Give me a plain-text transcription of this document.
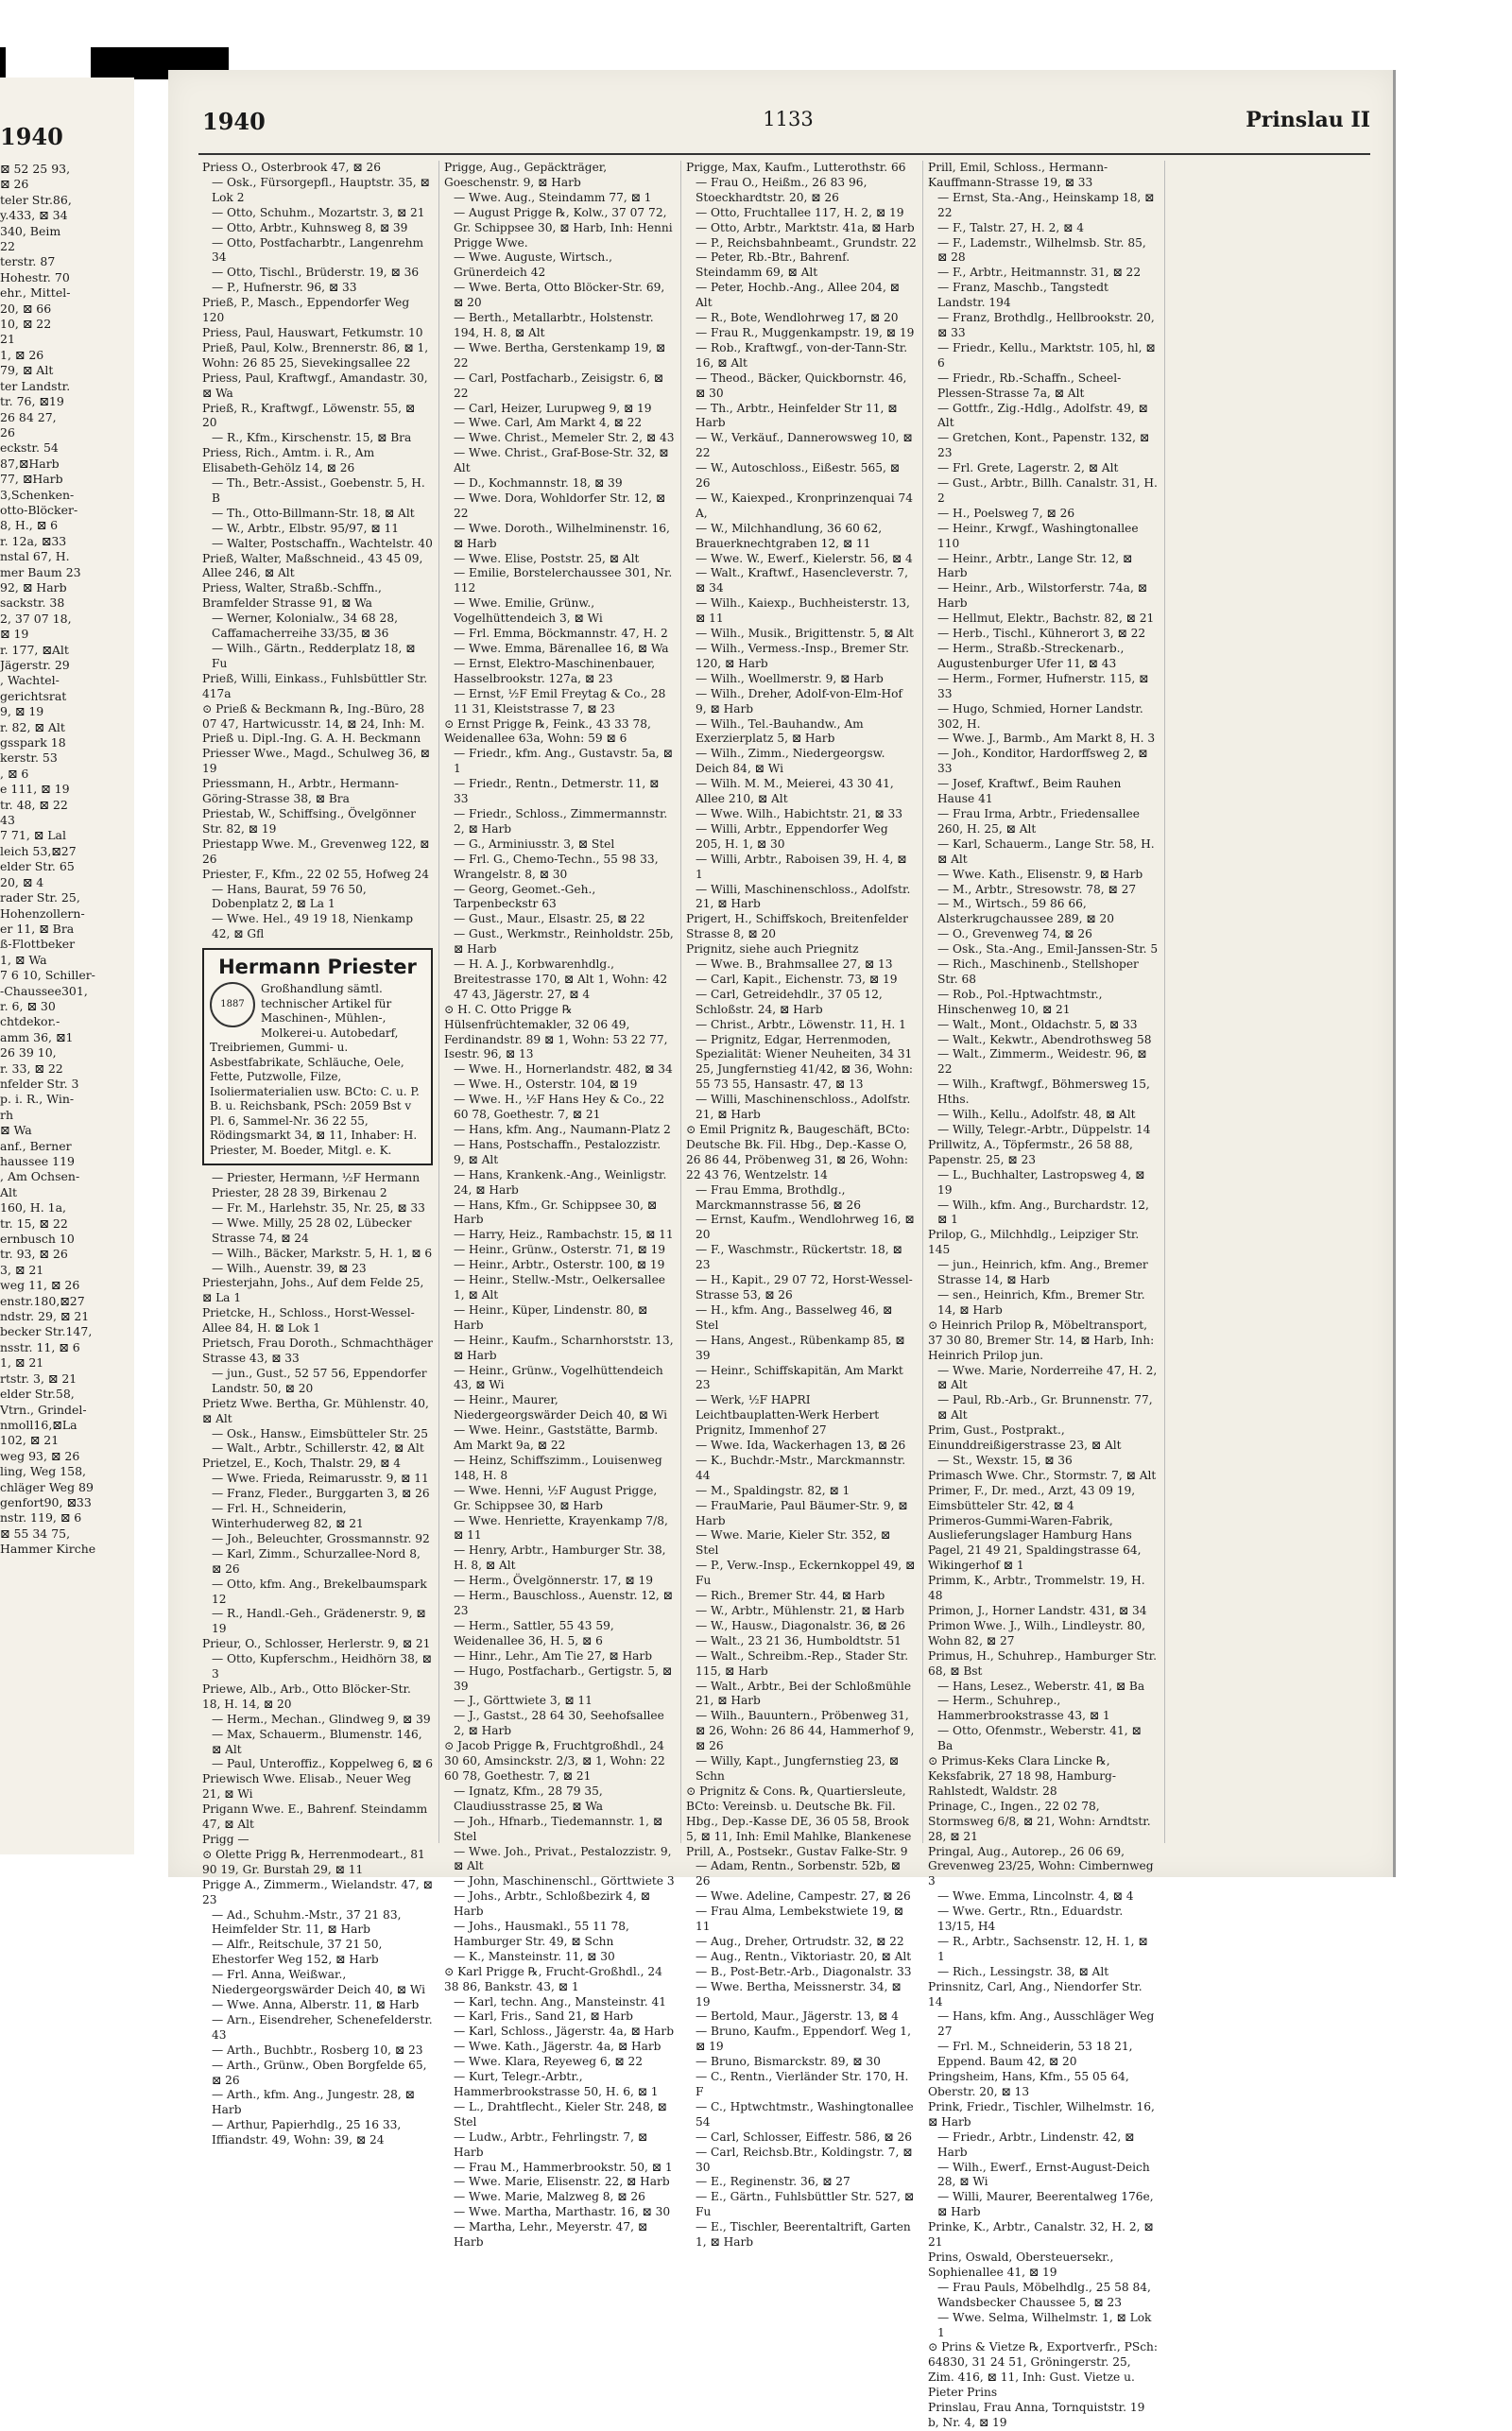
1940
⊠ 52 25 93,
⊠ 26
teler Str.86,
y.433, ⊠ 34
340, Beim
22
terstr. 87
Hohestr. 70
ehr., Mittel-
20, ⊠ 66
10, ⊠ 22
21
1, ⊠ 26
79, ⊠ Alt
ter Landstr.
tr. 76, ⊠19
26 84 27,
26
eckstr. 54
87,⊠Harb
77, ⊠Harb
3,Schenken-
otto-Blöcker-
8, H., ⊠ 6
r. 12a, ⊠33
nstal 67, H.
mer Baum 23
92, ⊠ Harb
sackstr. 38
2, 37 07 18,
⊠ 19
r. 177, ⊠Alt
Jägerstr. 29
, Wachtel-
gerichtsrat
9, ⊠ 19
r. 82, ⊠ Alt
gsspark 18
kerstr. 53
, ⊠ 6
e 111, ⊠ 19
tr. 48, ⊠ 22
43
7 71, ⊠ Lal
leich 53,⊠27
elder Str. 65
20, ⊠ 4
rader Str. 25,
Hohenzollern-
er 11, ⊠ Bra
ß-Flottbeker
1, ⊠ Wa
7 6 10, Schiller-
-Chaussee301,
r. 6, ⊠ 30
chtdekor.-
amm 36, ⊠1
26 39 10,
r. 33, ⊠ 22
nfelder Str. 3
p. i. R., Win-
rh
⊠ Wa
anf., Berner
haussee 119
, Am Ochsen-
Alt
160, H. 1a,
tr. 15, ⊠ 22
ernbusch 10
tr. 93, ⊠ 26
3, ⊠ 21
weg 11, ⊠ 26
enstr.180,⊠27
ndstr. 29, ⊠ 21
becker Str.147,
nsstr. 11, ⊠ 6
1, ⊠ 21
rtstr. 3, ⊠ 21
elder Str.58,
Vtrn., Grindel-
nmoll16,⊠La
102, ⊠ 21
weg 93, ⊠ 26
ling, Weg 158,
chläger Weg 89
genfort90, ⊠33
nstr. 119, ⊠ 6
⊠ 55 34 75,
Hammer Kirche
1940	1133	Prinslau II

Priess O., Osterbrook 47, ⊠ 26

— Osk., Fürsorgepfl., Hauptstr. 35, ⊠ Lok 2

— Otto, Schuhm., Mozartstr. 3, ⊠ 21

— Otto, Arbtr., Kuhnsweg 8, ⊠ 39

— Otto, Postfacharbtr., Langenrehm 34

— Otto, Tischl., Brüderstr. 19, ⊠ 36

— P., Hufnerstr. 96, ⊠ 33

Prieß, P., Masch., Eppendorfer Weg 120

Priess, Paul, Hauswart, Fetkumstr. 10

Prieß, Paul, Kolw., Brennerstr. 86, ⊠ 1, Wohn: 26 85 25, Sievekingsallee 22

Priess, Paul, Kraftwgf., Amandastr. 30, ⊠ Wa

Prieß, R., Kraftwgf., Löwenstr. 55, ⊠ 20

— R., Kfm., Kirschenstr. 15, ⊠ Bra

Priess, Rich., Amtm. i. R., Am Elisabeth-Gehölz 14, ⊠ 26

— Th., Betr.-Assist., Goebenstr. 5, H. B

— Th., Otto-Billmann-Str. 18, ⊠ Alt

— W., Arbtr., Elbstr. 95/97, ⊠ 11

— Walter, Postschaffn., Wachtelstr. 40

Prieß, Walter, Maßschneid., 43 45 09, Allee 246, ⊠ Alt

Priess, Walter, Straßb.-Schffn., Bramfelder Strasse 91, ⊠ Wa

— Werner, Kolonialw., 34 68 28, Caffamacherreihe 33/35, ⊠ 36

— Wilh., Gärtn., Redderplatz 18, ⊠ Fu

Prieß, Willi, Einkass., Fuhlsbüttler Str. 417a

⊙ Prieß & Beckmann ℞, Ing.-Büro, 28 07 47, Hartwicusstr. 14, ⊠ 24, Inh: M. Prieß u. Dipl.-Ing. G. A. H. Beckmann

Priesser Wwe., Magd., Schulweg 36, ⊠ 19

Priessmann, H., Arbtr., Hermann-Göring-Strasse 38, ⊠ Bra

Priestab, W., Schiffsing., Övelgönner Str. 82, ⊠ 19

Priestapp Wwe. M., Grevenweg 122, ⊠ 26

Priester, F., Kfm., 22 02 55, Hofweg 24

— Hans, Baurat, 59 76 50, Dobenplatz 2, ⊠ La 1

— Wwe. Hel., 49 19 18, Nienkamp 42, ⊠ Gfl

Hermann Priester
1887
Großhandlung sämtl. technischer Artikel für Maschinen-, Mühlen-, Molkerei-u. Autobedarf, Treibriemen, Gummi- u. Asbestfabrikate, Schläuche, Oele, Fette, Putzwolle, Filze, Isoliermaterialien usw. BCto: C. u. P. B. u. Reichsbank, PSch: 2059 Bst v Pl. 6, Sammel-Nr. 36 22 55, Rödingsmarkt 34, ⊠ 11, Inhaber: H. Priester, M. Boeder, Mitgl. e. K.

— Priester, Hermann, ½F Hermann Priester, 28 28 39, Birkenau 2

— Fr. M., Harlehstr. 35, Nr. 25, ⊠ 33

— Wwe. Milly, 25 28 02, Lübecker Strasse 74, ⊠ 24

— Wilh., Bäcker, Markstr. 5, H. 1, ⊠ 6

— Wilh., Auenstr. 39, ⊠ 23

Priesterjahn, Johs., Auf dem Felde 25, ⊠ La 1

Prietcke, H., Schloss., Horst-Wessel-Allee 84, H. ⊠ Lok 1

Prietsch, Frau Doroth., Schmachthäger Strasse 43, ⊠ 33

— jun., Gust., 52 57 56, Eppendorfer Landstr. 50, ⊠ 20

Prietz Wwe. Bertha, Gr. Mühlenstr. 40, ⊠ Alt

— Osk., Hansw., Eimsbütteler Str. 25

— Walt., Arbtr., Schillerstr. 42, ⊠ Alt

Prietzel, E., Koch, Thalstr. 29, ⊠ 4

— Wwe. Frieda, Reimarusstr. 9, ⊠ 11

— Franz, Fleder., Burggarten 3, ⊠ 26

— Frl. H., Schneiderin, Winterhuderweg 82, ⊠ 21

— Joh., Beleuchter, Grossmannstr. 92

— Karl, Zimm., Schurzallee-Nord 8, ⊠ 26

— Otto, kfm. Ang., Brekelbaumspark 12

— R., Handl.-Geh., Grädenerstr. 9, ⊠ 19

Prieur, O., Schlosser, Herlerstr. 9, ⊠ 21

— Otto, Kupferschm., Heidhörn 38, ⊠ 3

Priewe, Alb., Arb., Otto Blöcker-Str. 18, H. 14, ⊠ 20

— Herm., Mechan., Glindweg 9, ⊠ 39

— Max, Schauerm., Blumenstr. 146, ⊠ Alt

— Paul, Unteroffiz., Koppelweg 6, ⊠ 6

Priewisch Wwe. Elisab., Neuer Weg 21, ⊠ Wi

Prigann Wwe. E., Bahrenf. Steindamm 47, ⊠ Alt

Prigg —

⊙ Olette Prigg ℞, Herrenmodeart., 81 90 19, Gr. Burstah 29, ⊠ 11

Prigge A., Zimmerm., Wielandstr. 47, ⊠ 23

— Ad., Schuhm.-Mstr., 37 21 83, Heimfelder Str. 11, ⊠ Harb

— Alfr., Reitschule, 37 21 50, Ehestorfer Weg 152, ⊠ Harb

— Frl. Anna, Weißwar., Niedergeorgswärder Deich 40, ⊠ Wi

— Wwe. Anna, Alberstr. 11, ⊠ Harb

— Arn., Eisendreher, Schenefelderstr. 43

— Arth., Buchbtr., Rosberg 10, ⊠ 23

— Arth., Grünw., Oben Borgfelde 65, ⊠ 26

— Arth., kfm. Ang., Jungestr. 28, ⊠ Harb

— Arthur, Papierhdlg., 25 16 33, Iffiandstr. 49, Wohn: 39, ⊠ 24

Prigge, Aug., Gepäckträger, Goeschenstr. 9, ⊠ Harb

— Wwe. Aug., Steindamm 77, ⊠ 1

— August Prigge ℞, Kolw., 37 07 72, Gr. Schippsee 30, ⊠ Harb, Inh: Henni Prigge Wwe.

— Wwe. Auguste, Wirtsch., Grünerdeich 42

— Wwe. Berta, Otto Blöcker-Str. 69, ⊠ 20

— Berth., Metallarbtr., Holstenstr. 194, H. 8, ⊠ Alt

— Wwe. Bertha, Gerstenkamp 19, ⊠ 22

— Carl, Postfacharb., Zeisigstr. 6, ⊠ 22

— Carl, Heizer, Lurupweg 9, ⊠ 19

— Wwe. Carl, Am Markt 4, ⊠ 22

— Wwe. Christ., Memeler Str. 2, ⊠ 43

— Wwe. Christ., Graf-Bose-Str. 32, ⊠ Alt

— D., Kochmannstr. 18, ⊠ 39

— Wwe. Dora, Wohldorfer Str. 12, ⊠ 22

— Wwe. Doroth., Wilhelminenstr. 16, ⊠ Harb

— Wwe. Elise, Poststr. 25, ⊠ Alt

— Emilie, Borstelerchaussee 301, Nr. 112

— Wwe. Emilie, Grünw., Vogelhüttendeich 3, ⊠ Wi

— Frl. Emma, Böckmannstr. 47, H. 2

— Wwe. Emma, Bärenallee 16, ⊠ Wa

— Ernst, Elektro-Maschinenbauer, Hasselbrookstr. 127a, ⊠ 23

— Ernst, ½F Emil Freytag & Co., 28 11 31, Kleiststrasse 7, ⊠ 23

⊙ Ernst Prigge ℞, Feink., 43 33 78, Weidenallee 63a, Wohn: 59 ⊠ 6

— Friedr., kfm. Ang., Gustavstr. 5a, ⊠ 1

— Friedr., Rentn., Detmerstr. 11, ⊠ 33

— Friedr., Schloss., Zimmermannstr. 2, ⊠ Harb

— G., Arminiusstr. 3, ⊠ Stel

— Frl. G., Chemo-Techn., 55 98 33, Wrangelstr. 8, ⊠ 30

— Georg, Geomet.-Geh., Tarpenbeckstr 63

— Gust., Maur., Elsastr. 25, ⊠ 22

— Gust., Werkmstr., Reinholdstr. 25b, ⊠ Harb

— H. A. J., Korbwarenhdlg., Breitestrasse 170, ⊠ Alt 1, Wohn: 42 47 43, Jägerstr. 27, ⊠ 4

⊙ H. C. Otto Prigge ℞ Hülsenfrüchtemakler, 32 06 49, Ferdinandstr. 89 ⊠ 1, Wohn: 53 22 77, Isestr. 96, ⊠ 13

— Wwe. H., Hornerlandstr. 482, ⊠ 34

— Wwe. H., Osterstr. 104, ⊠ 19

— Wwe. H., ½F Hans Hey & Co., 22 60 78, Goethestr. 7, ⊠ 21

— Hans, kfm. Ang., Naumann-Platz 2

— Hans, Postschaffn., Pestalozzistr. 9, ⊠ Alt

— Hans, Krankenk.-Ang., Weinligstr. 24, ⊠ Harb

— Hans, Kfm., Gr. Schippsee 30, ⊠ Harb

— Harry, Heiz., Rambachstr. 15, ⊠ 11

— Heinr., Grünw., Osterstr. 71, ⊠ 19

— Heinr., Arbtr., Osterstr. 100, ⊠ 19

— Heinr., Stellw.-Mstr., Oelkersallee 1, ⊠ Alt

— Heinr., Küper, Lindenstr. 80, ⊠ Harb

— Heinr., Kaufm., Scharnhorststr. 13, ⊠ Harb

— Heinr., Grünw., Vogelhüttendeich 43, ⊠ Wi

— Heinr., Maurer, Niedergeorgswärder Deich 40, ⊠ Wi

— Wwe. Heinr., Gaststätte, Barmb. Am Markt 9a, ⊠ 22

— Heinz, Schiffszimm., Louisenweg 148, H. 8

— Wwe. Henni, ½F August Prigge, Gr. Schippsee 30, ⊠ Harb

— Wwe. Henriette, Krayenkamp 7/8, ⊠ 11

— Henry, Arbtr., Hamburger Str. 38, H. 8, ⊠ Alt

— Herm., Övelgönnerstr. 17, ⊠ 19

— Herm., Bauschloss., Auenstr. 12, ⊠ 23

— Herm., Sattler, 55 43 59, Weidenallee 36, H. 5, ⊠ 6

— Hinr., Lehr., Am Tie 27, ⊠ Harb

— Hugo, Postfacharb., Gertigstr. 5, ⊠ 39

— J., Görttwiete 3, ⊠ 11

— J., Gastst., 28 64 30, Seehofsallee 2, ⊠ Harb

⊙ Jacob Prigge ℞, Fruchtgroßhdl., 24 30 60, Amsinckstr. 2/3, ⊠ 1, Wohn: 22 60 78, Goethestr. 7, ⊠ 21

— Ignatz, Kfm., 28 79 35, Claudiusstrasse 25, ⊠ Wa

— Joh., Hfnarb., Tiedemannstr. 1, ⊠ Stel

— Wwe. Joh., Privat., Pestalozzistr. 9, ⊠ Alt

— John, Maschinenschl., Görttwiete 3

— Johs., Arbtr., Schloßbezirk 4, ⊠ Harb

— Johs., Hausmakl., 55 11 78, Hamburger Str. 49, ⊠ Schn

— K., Mansteinstr. 11, ⊠ 30

⊙ Karl Prigge ℞, Frucht-Großhdl., 24 38 86, Bankstr. 43, ⊠ 1

— Karl, techn. Ang., Mansteinstr. 41

— Karl, Fris., Sand 21, ⊠ Harb

— Karl, Schloss., Jägerstr. 4a, ⊠ Harb

— Wwe. Kath., Jägerstr. 4a, ⊠ Harb

— Wwe. Klara, Reyeweg 6, ⊠ 22

— Kurt, Telegr.-Arbtr., Hammerbrookstrasse 50, H. 6, ⊠ 1

— L., Drahtflecht., Kieler Str. 248, ⊠ Stel

— Ludw., Arbtr., Fehrlingstr. 7, ⊠ Harb

— Frau M., Hammerbrookstr. 50, ⊠ 1

— Wwe. Marie, Elisenstr. 22, ⊠ Harb

— Wwe. Marie, Malzweg 8, ⊠ 26

— Wwe. Martha, Marthastr. 16, ⊠ 30

— Martha, Lehr., Meyerstr. 47, ⊠ Harb

Prigge, Max, Kaufm., Lutterothstr. 66

— Frau O., Heißm., 26 83 96, Stoeckhardtstr. 20, ⊠ 26

— Otto, Fruchtallee 117, H. 2, ⊠ 19

— Otto, Arbtr., Marktstr. 41a, ⊠ Harb

— P., Reichsbahnbeamt., Grundstr. 22

— Peter, Rb.-Btr., Bahrenf. Steindamm 69, ⊠ Alt

— Peter, Hochb.-Ang., Allee 204, ⊠ Alt

— R., Bote, Wendlohrweg 17, ⊠ 20

— Frau R., Muggenkampstr. 19, ⊠ 19

— Rob., Kraftwgf., von-der-Tann-Str. 16, ⊠ Alt

— Theod., Bäcker, Quickbornstr. 46, ⊠ 30

— Th., Arbtr., Heinfelder Str 11, ⊠ Harb

— W., Verkäuf., Dannerowsweg 10, ⊠ 22

— W., Autoschloss., Eißestr. 565, ⊠ 26

— W., Kaiexped., Kronprinzenquai 74 A,

— W., Milchhandlung, 36 60 62, Brauerknechtgraben 12, ⊠ 11

— Wwe. W., Ewerf., Kielerstr. 56, ⊠ 4

— Walt., Kraftwf., Hasencleverstr. 7, ⊠ 34

— Wilh., Kaiexp., Buchheisterstr. 13, ⊠ 11

— Wilh., Musik., Brigittenstr. 5, ⊠ Alt

— Wilh., Vermess.-Insp., Bremer Str. 120, ⊠ Harb

— Wilh., Woellmerstr. 9, ⊠ Harb

— Wilh., Dreher, Adolf-von-Elm-Hof 9, ⊠ Harb

— Wilh., Tel.-Bauhandw., Am Exerzierplatz 5, ⊠ Harb

— Wilh., Zimm., Niedergeorgsw. Deich 84, ⊠ Wi

— Wilh. M. M., Meierei, 43 30 41, Allee 210, ⊠ Alt

— Wwe. Wilh., Habichtstr. 21, ⊠ 33

— Willi, Arbtr., Eppendorfer Weg 205, H. 1, ⊠ 30

— Willi, Arbtr., Raboisen 39, H. 4, ⊠ 1

— Willi, Maschinenschloss., Adolfstr. 21, ⊠ Harb

Prigert, H., Schiffskoch, Breitenfelder Strasse 8, ⊠ 20

Prignitz, siehe auch Priegnitz

— Wwe. B., Brahmsallee 27, ⊠ 13

— Carl, Kapit., Eichenstr. 73, ⊠ 19

— Carl, Getreidehdlr., 37 05 12, Schloßstr. 24, ⊠ Harb

— Christ., Arbtr., Löwenstr. 11, H. 1

— Prignitz, Edgar, Herrenmoden, Spezialität: Wiener Neuheiten, 34 31 25, Jungfernstieg 41/42, ⊠ 36, Wohn: 55 73 55, Hansastr. 47, ⊠ 13

— Willi, Maschinenschloss., Adolfstr. 21, ⊠ Harb

⊙ Emil Prignitz ℞, Baugeschäft, BCto: Deutsche Bk. Fil. Hbg., Dep.-Kasse O, 26 86 44, Pröbenweg 31, ⊠ 26, Wohn: 22 43 76, Wentzelstr. 14

— Frau Emma, Brothdlg., Marckmannstrasse 56, ⊠ 26

— Ernst, Kaufm., Wendlohrweg 16, ⊠ 20

— F., Waschmstr., Rückertstr. 18, ⊠ 23

— H., Kapit., 29 07 72, Horst-Wessel-Strasse 53, ⊠ 26

— H., kfm. Ang., Basselweg 46, ⊠ Stel

— Hans, Angest., Rübenkamp 85, ⊠ 39

— Heinr., Schiffskapitän, Am Markt 23

— Werk, ½F HAPRI Leichtbauplatten-Werk Herbert Prignitz, Immenhof 27

— Wwe. Ida, Wackerhagen 13, ⊠ 26

— K., Buchdr.-Mstr., Marckmannstr. 44

— M., Spaldingstr. 82, ⊠ 1

— FrauMarie, Paul Bäumer-Str. 9, ⊠ Harb

— Wwe. Marie, Kieler Str. 352, ⊠ Stel

— P., Verw.-Insp., Eckernkoppel 49, ⊠ Fu

— Rich., Bremer Str. 44, ⊠ Harb

— W., Arbtr., Mühlenstr. 21, ⊠ Harb

— W., Hausw., Diagonalstr. 36, ⊠ 26

— Walt., 23 21 36, Humboldtstr. 51

— Walt., Schreibm.-Rep., Stader Str. 115, ⊠ Harb

— Walt., Arbtr., Bei der Schloßmühle 21, ⊠ Harb

— Wilh., Bauuntern., Pröbenweg 31, ⊠ 26, Wohn: 26 86 44, Hammerhof 9, ⊠ 26

— Willy, Kapt., Jungfernstieg 23, ⊠ Schn

⊙ Prignitz & Cons. ℞, Quartiersleute, BCto: Vereinsb. u. Deutsche Bk. Fil. Hbg., Dep.-Kasse DE, 36 05 58, Brook 5, ⊠ 11, Inh: Emil Mahlke, Blankenese

Prill, A., Postsekr., Gustav Falke-Str. 9

— Adam, Rentn., Sorbenstr. 52b, ⊠ 26

— Wwe. Adeline, Campestr. 27, ⊠ 26

— Frau Alma, Lembekstwiete 19, ⊠ 11

— Aug., Dreher, Ortrudstr. 32, ⊠ 22

— Aug., Rentn., Viktoriastr. 20, ⊠ Alt

— B., Post-Betr.-Arb., Diagonalstr. 33

— Wwe. Bertha, Meissnerstr. 34, ⊠ 19

— Bertold, Maur., Jägerstr. 13, ⊠ 4

— Bruno, Kaufm., Eppendorf. Weg 1, ⊠ 19

— Bruno, Bismarckstr. 89, ⊠ 30

— C., Rentn., Vierländer Str. 170, H. F

— C., Hptwchtmstr., Washingtonallee 54

— Carl, Schlosser, Eiffestr. 586, ⊠ 26

— Carl, Reichsb.Btr., Koldingstr. 7, ⊠ 30

— E., Reginenstr. 36, ⊠ 27

— E., Gärtn., Fuhlsbüttler Str. 527, ⊠ Fu

— E., Tischler, Beerentaltrift, Garten 1, ⊠ Harb

Prill, Emil, Schloss., Hermann-Kauffmann-Strasse 19, ⊠ 33

— Ernst, Sta.-Ang., Heinskamp 18, ⊠ 22

— F., Talstr. 27, H. 2, ⊠ 4

— F., Lademstr., Wilhelmsb. Str. 85, ⊠ 28

— F., Arbtr., Heitmannstr. 31, ⊠ 22

— Franz, Maschb., Tangstedt Landstr. 194

— Franz, Brothdlg., Hellbrookstr. 20, ⊠ 33

— Friedr., Kellu., Marktstr. 105, hl, ⊠ 6

— Friedr., Rb.-Schaffn., Scheel-Plessen-Strasse 7a, ⊠ Alt

— Gottfr., Zig.-Hdlg., Adolfstr. 49, ⊠ Alt

— Gretchen, Kont., Papenstr. 132, ⊠ 23

— Frl. Grete, Lagerstr. 2, ⊠ Alt

— Gust., Arbtr., Billh. Canalstr. 31, H. 2

— H., Poelsweg 7, ⊠ 26

— Heinr., Krwgf., Washingtonallee 110

— Heinr., Arbtr., Lange Str. 12, ⊠ Harb

— Heinr., Arb., Wilstorferstr. 74a, ⊠ Harb

— Hellmut, Elektr., Bachstr. 82, ⊠ 21

— Herb., Tischl., Kühnerort 3, ⊠ 22

— Herm., Straßb.-Streckenarb., Augustenburger Ufer 11, ⊠ 43

— Herm., Former, Hufnerstr. 115, ⊠ 33

— Hugo, Schmied, Horner Landstr. 302, H.

— Wwe. J., Barmb., Am Markt 8, H. 3

— Joh., Konditor, Hardorffsweg 2, ⊠ 33

— Josef, Kraftwf., Beim Rauhen Hause 41

— Frau Irma, Arbtr., Friedensallee 260, H. 25, ⊠ Alt

— Karl, Schauerm., Lange Str. 58, H. ⊠ Alt

— Wwe. Kath., Elisenstr. 9, ⊠ Harb

— M., Arbtr., Stresowstr. 78, ⊠ 27

— M., Wirtsch., 59 86 66, Alsterkrugchaussee 289, ⊠ 20

— O., Grevenweg 74, ⊠ 26

— Osk., Sta.-Ang., Emil-Janssen-Str. 5

— Rich., Maschinenb., Stellshoper Str. 68

— Rob., Pol.-Hptwachtmstr., Hinschenweg 10, ⊠ 21

— Walt., Mont., Oldachstr. 5, ⊠ 33

— Walt., Kekwtr., Abendrothsweg 58

— Walt., Zimmerm., Weidestr. 96, ⊠ 22

— Wilh., Kraftwgf., Böhmersweg 15, Hths.

— Wilh., Kellu., Adolfstr. 48, ⊠ Alt

— Willy, Telegr.-Arbtr., Düppelstr. 14

Prillwitz, A., Töpfermstr., 26 58 88, Papenstr. 25, ⊠ 23

— L., Buchhalter, Lastropsweg 4, ⊠ 19

— Wilh., kfm. Ang., Burchardstr. 12, ⊠ 1

Prilop, G., Milchhdlg., Leipziger Str. 145

— jun., Heinrich, kfm. Ang., Bremer Strasse 14, ⊠ Harb

— sen., Heinrich, Kfm., Bremer Str. 14, ⊠ Harb

⊙ Heinrich Prilop ℞, Möbeltransport, 37 30 80, Bremer Str. 14, ⊠ Harb, Inh: Heinrich Prilop jun.

— Wwe. Marie, Norderreihe 47, H. 2, ⊠ Alt

— Paul, Rb.-Arb., Gr. Brunnenstr. 77, ⊠ Alt

Prim, Gust., Postprakt., Einunddreißigerstrasse 23, ⊠ Alt

— St., Wexstr. 15, ⊠ 36

Primasch Wwe. Chr., Stormstr. 7, ⊠ Alt

Primer, F., Dr. med., Arzt, 43 09 19, Eimsbütteler Str. 42, ⊠ 4

Primeros-Gummi-Waren-Fabrik, Auslieferungslager Hamburg Hans Pagel, 21 49 21, Spaldingstrasse 64, Wikingerhof ⊠ 1

Primm, K., Arbtr., Trommelstr. 19, H. 48

Primon, J., Horner Landstr. 431, ⊠ 34

Primon Wwe. J., Wilh., Lindleystr. 80, Wohn 82, ⊠ 27

Primus, H., Schuhrep., Hamburger Str. 68, ⊠ Bst

— Hans, Lesez., Weberstr. 41, ⊠ Ba

— Herm., Schuhrep., Hammerbrookstrasse 43, ⊠ 1

— Otto, Ofenmstr., Weberstr. 41, ⊠ Ba

⊙ Primus-Keks Clara Lincke ℞, Keksfabrik, 27 18 98, Hamburg-Rahlstedt, Waldstr. 28

Prinage, C., Ingen., 22 02 78, Stormsweg 6/8, ⊠ 21, Wohn: Arndtstr. 28, ⊠ 21

Pringal, Aug., Autorep., 26 06 69, Grevenweg 23/25, Wohn: Cimbernweg 3

— Wwe. Emma, Lincolnstr. 4, ⊠ 4

— Wwe. Gertr., Rtn., Eduardstr. 13/15, H4

— R., Arbtr., Sachsenstr. 12, H. 1, ⊠ 1

— Rich., Lessingstr. 38, ⊠ Alt

Prinsnitz, Carl, Ang., Niendorfer Str. 14

— Hans, kfm. Ang., Ausschläger Weg 27

— Frl. M., Schneiderin, 53 18 21, Eppend. Baum 42, ⊠ 20

Pringsheim, Hans, Kfm., 55 05 64, Oberstr. 20, ⊠ 13

Prink, Friedr., Tischler, Wilhelmstr. 16, ⊠ Harb

— Friedr., Arbtr., Lindenstr. 42, ⊠ Harb

— Wilh., Ewerf., Ernst-August-Deich 28, ⊠ Wi

— Willi, Maurer, Beerentalweg 176e, ⊠ Harb

Prinke, K., Arbtr., Canalstr. 32, H. 2, ⊠ 21

Prins, Oswald, Obersteuersekr., Sophienallee 41, ⊠ 19

— Frau Pauls, Möbelhdlg., 25 58 84, Wandsbecker Chaussee 5, ⊠ 23

— Wwe. Selma, Wilhelmstr. 1, ⊠ Lok 1

⊙ Prins & Vietze ℞, Exportverfr., PSch: 64830, 31 24 51, Gröningerstr. 25, Zim. 416, ⊠ 11, Inh: Gust. Vietze u. Pieter Prins

Prinslau, Frau Anna, Tornquiststr. 19 b, Nr. 4, ⊠ 19
